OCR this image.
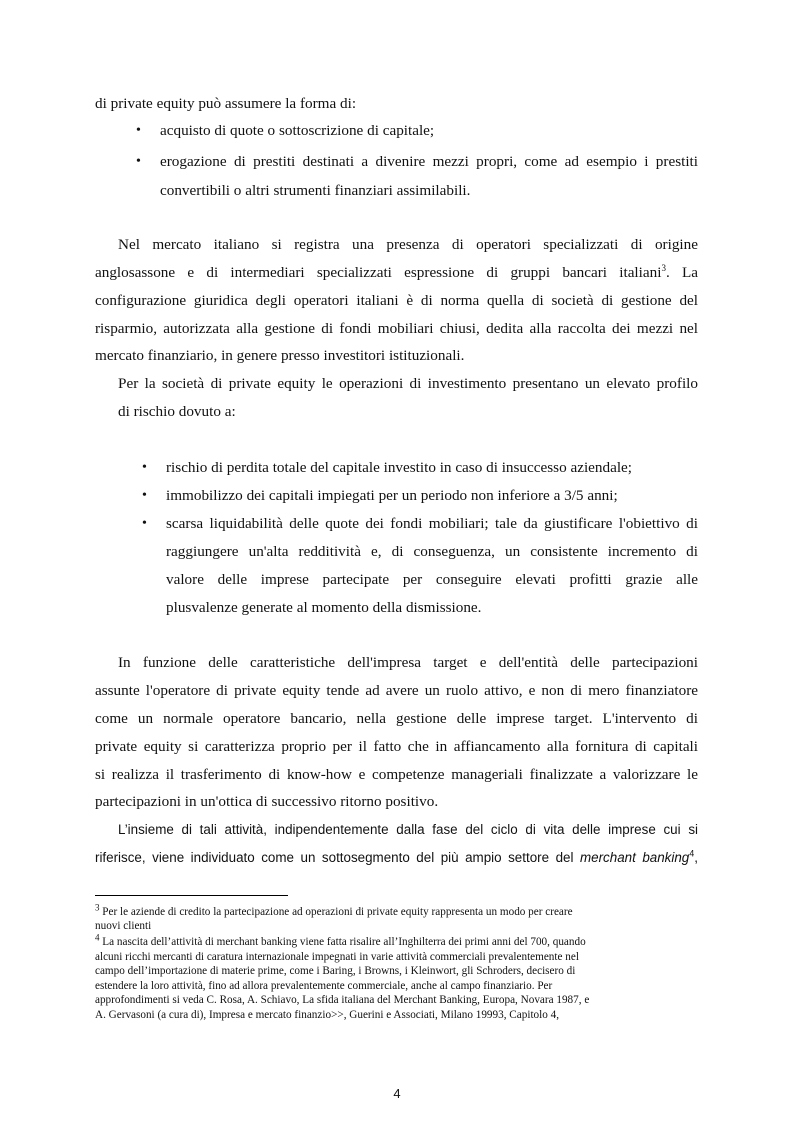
di private equity può assumere la forma di:
• acquisto di quote o sottoscrizione di capitale;
• erogazione di prestiti destinati a divenire mezzi propri, come ad esempio i prestiti
convertibili o altri strumenti finanziari assimilabili.
Nel mercato italiano si registra una presenza di operatori specializzati di origine
anglosassone e di intermediari specializzati espressione di gruppi bancari italiani$^3$. La
configurazione giuridica degli operatori italiani è di norma quella di società di gestione del
risparmio, autorizzata alla gestione di fondi mobiliari chiusi, dedita alla raccolta dei mezzi nel
mercato finanziario, in genere presso investitori istituzionali.
Per la società di private equity le operazioni di investimento presentano un elevato profilo
di rischio dovuto a:
• rischio di perdita totale del capitale investito in caso di insuccesso aziendale;
• immobilizzo dei capitali impiegati per un periodo non inferiore a 3/5 anni;
• scarsa liquidabilità delle quote dei fondi mobiliari; tale da giustificare l'obiettivo di
raggiungere un'alta redditività e, di conseguenza, un consistente incremento di
valore delle imprese partecipate per conseguire elevati profitti grazie alle
plusvalenze generate al momento della dismissione.
In funzione delle caratteristiche dell'impresa target e dell'entità delle partecipazioni
assunte l'operatore di private equity tende ad avere un ruolo attivo, e non di mero finanziatore
come un normale operatore bancario, nella gestione delle imprese target. L'intervento di
private equity si caratterizza proprio per il fatto che in affiancamento alla fornitura di capitali
si realizza il trasferimento di know-how e competenze manageriali finalizzate a valorizzare le
partecipazioni in un'ottica di successivo ritorno positivo.
L’insieme di tali attività, indipendentemente dalla fase del ciclo di vita delle imprese cui si
riferisce, viene individuato come un sottosegmento del più ampio settore del merchant banking$^4$,
$^3$ Per le aziende di credito la partecipazione ad operazioni di private equity rappresenta un modo per creare
nuovi clienti
$^4$ La nascita dell’attività di merchant banking viene fatta risalire all’Inghilterra dei primi anni del 700, quando
alcuni ricchi mercanti di caratura internazionale impegnati in varie attività commerciali prevalentemente nel
campo dell’importazione di materie prime, come i Baring, i Browns, i Kleinwort, gli Schroders, decisero di
estendere la loro attività, fino ad allora prevalentemente commerciale, anche al campo finanziario. Per
approfondimenti si veda C. Rosa, A. Schiavo, La sfida italiana del Merchant Banking, Europa, Novara 1987, e
A. Gervasoni (a cura di), Impresa e mercato finanzio>>, Guerini e Associati, Milano 19993, Capitolo 4,
4
